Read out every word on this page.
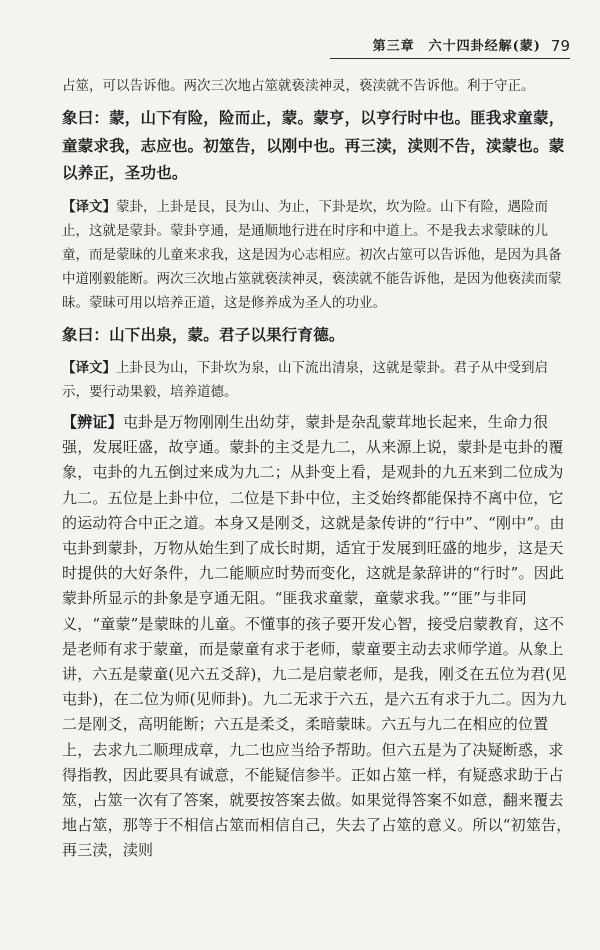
第三章　六十四卦经解(蒙) 79

占筮，可以告诉他。两次三次地占筮就亵渎神灵，亵渎就不告诉他。利于守正。

象曰：蒙，山下有险，险而止，蒙。蒙亨，以亨行时中也。匪我求童蒙，童蒙求我，志应也。初筮告，以刚中也。再三渎，渎则不告，渎蒙也。蒙以养正，圣功也。

【译文】蒙卦，上卦是艮，艮为山、为止，下卦是坎，坎为险。山下有险，遇险而止，这就是蒙卦。蒙卦亨通，是通顺地行进在时序和中道上。不是我去求蒙昧的儿童，而是蒙昧的儿童来求我，这是因为心志相应。初次占筮可以告诉他，是因为具备中道刚毅能断。两次三次地占筮就亵渎神灵，亵渎就不能告诉他，是因为他亵渎而蒙昧。蒙昧可用以培养正道，这是修养成为圣人的功业。

象曰：山下出泉，蒙。君子以果行育德。

【译文】上卦艮为山，下卦坎为泉，山下流出清泉，这就是蒙卦。君子从中受到启示，要行动果毅，培养道德。

【辨证】屯卦是万物刚刚生出幼芽，蒙卦是杂乱蒙茸地长起来，生命力很强，发展旺盛，故亨通。蒙卦的主爻是九二，从来源上说，蒙卦是屯卦的覆象，屯卦的九五倒过来成为九二；从卦变上看，是观卦的九五来到二位成为九二。五位是上卦中位，二位是下卦中位，主爻始终都能保持不离中位，它的运动符合中正之道。本身又是刚爻，这就是彖传讲的“行中”、“刚中”。由屯卦到蒙卦，万物从始生到了成长时期，适宜于发展到旺盛的地步，这是天时提供的大好条件，九二能顺应时势而变化，这就是彖辞讲的“行时”。因此蒙卦所显示的卦象是亨通无阻。“匪我求童蒙，童蒙求我。”“匪”与非同义，“童蒙”是蒙昧的儿童。不懂事的孩子要开发心智，接受启蒙教育，这不是老师有求于蒙童，而是蒙童有求于老师，蒙童要主动去求师学道。从象上讲，六五是蒙童(见六五爻辞)，九二是启蒙老师，是我，刚爻在五位为君(见屯卦)，在二位为师(见师卦)。九二无求于六五，是六五有求于九二。因为九二是刚爻，高明能断；六五是柔爻，柔暗蒙昧。六五与九二在相应的位置上，去求九二顺理成章，九二也应当给予帮助。但六五是为了决疑断惑，求得指教，因此要具有诚意，不能疑信参半。正如占筮一样，有疑惑求助于占筮，占筮一次有了答案，就要按答案去做。如果觉得答案不如意，翻来覆去地占筮，那等于不相信占筮而相信自己，失去了占筮的意义。所以“初筮告，再三渎，渎则
